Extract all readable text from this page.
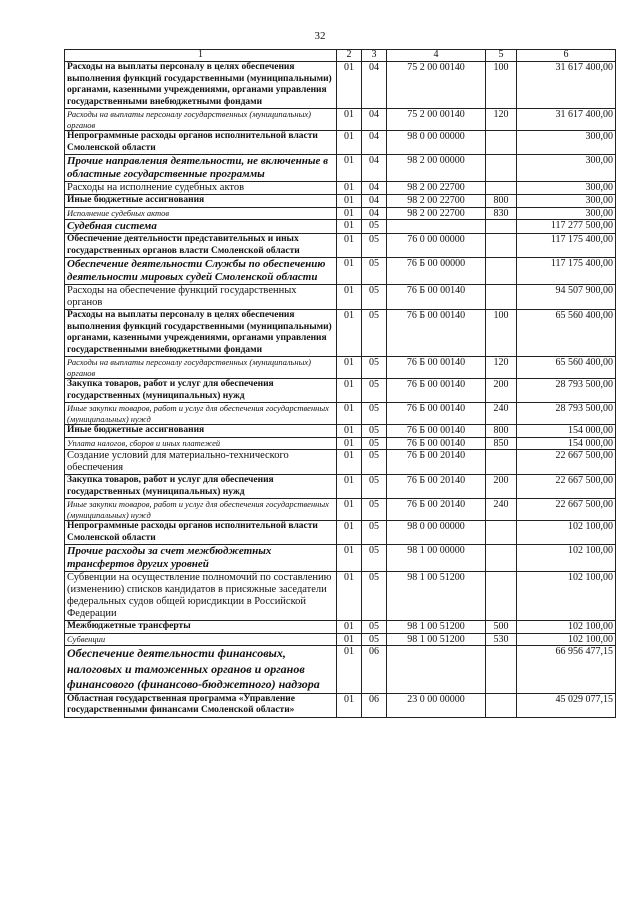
32
1	2	3	4	5	6
Расходы на выплаты персоналу в целях обеспечения выполнения функций государственными (муниципальными) органами, казенными учреждениями, органами управления государственными внебюджетными фондами	01	04	75 2 00 00140	100	31 617 400,00
Расходы на выплаты персоналу государственных (муниципальных) органов	01	04	75 2 00 00140	120	31 617 400,00
Непрограммные расходы органов исполнительной власти Смоленской области	01	04	98 0 00 00000		300,00
Прочие направления деятельности, не включенные в областные государственные программы	01	04	98 2 00 00000		300,00
Расходы на исполнение судебных актов	01	04	98 2 00 22700		300,00
Иные бюджетные ассигнования	01	04	98 2 00 22700	800	300,00
Исполнение судебных актов	01	04	98 2 00 22700	830	300,00
Судебная система	01	05			117 277 500,00
Обеспечение деятельности представительных и иных государственных органов власти Смоленской области	01	05	76 0 00 00000		117 175 400,00
Обеспечение деятельности Службы по обеспечению деятельности мировых судей Смоленской области	01	05	76 Б 00 00000		117 175 400,00
Расходы на обеспечение функций государственных органов	01	05	76 Б 00 00140		94 507 900,00
Расходы на выплаты персоналу в целях обеспечения выполнения функций государственными (муниципальными) органами, казенными учреждениями, органами управления государственными внебюджетными фондами	01	05	76 Б 00 00140	100	65 560 400,00
Расходы на выплаты персоналу государственных (муниципальных) органов	01	05	76 Б 00 00140	120	65 560 400,00
Закупка товаров, работ и услуг для обеспечения государственных (муниципальных) нужд	01	05	76 Б 00 00140	200	28 793 500,00
Иные закупки товаров, работ и услуг для обеспечения государственных (муниципальных) нужд	01	05	76 Б 00 00140	240	28 793 500,00
Иные бюджетные ассигнования	01	05	76 Б 00 00140	800	154 000,00
Уплата налогов, сборов и иных платежей	01	05	76 Б 00 00140	850	154 000,00
Создание условий для материально-технического обеспечения	01	05	76 Б 00 20140		22 667 500,00
Закупка товаров, работ и услуг для обеспечения государственных (муниципальных) нужд	01	05	76 Б 00 20140	200	22 667 500,00
Иные закупки товаров, работ и услуг для обеспечения государственных (муниципальных) нужд	01	05	76 Б 00 20140	240	22 667 500,00
Непрограммные расходы органов исполнительной власти Смоленской области	01	05	98 0 00 00000		102 100,00
Прочие расходы за счет межбюджетных трансфертов других уровней	01	05	98 1 00 00000		102 100,00
Субвенции на осуществление полномочий по составлению (изменению) списков кандидатов в присяжные заседатели федеральных судов общей юрисдикции в Российской Федерации	01	05	98 1 00 51200		102 100,00
Межбюджетные трансферты	01	05	98 1 00 51200	500	102 100,00
Субвенции	01	05	98 1 00 51200	530	102 100,00
Обеспечение деятельности финансовых, налоговых и таможенных органов и органов финансового (финансово-бюджетного) надзора	01	06			66 956 477,15
Областная государственная программа «Управление государственными финансами Смоленской области»	01	06	23 0 00 00000		45 029 077,15
